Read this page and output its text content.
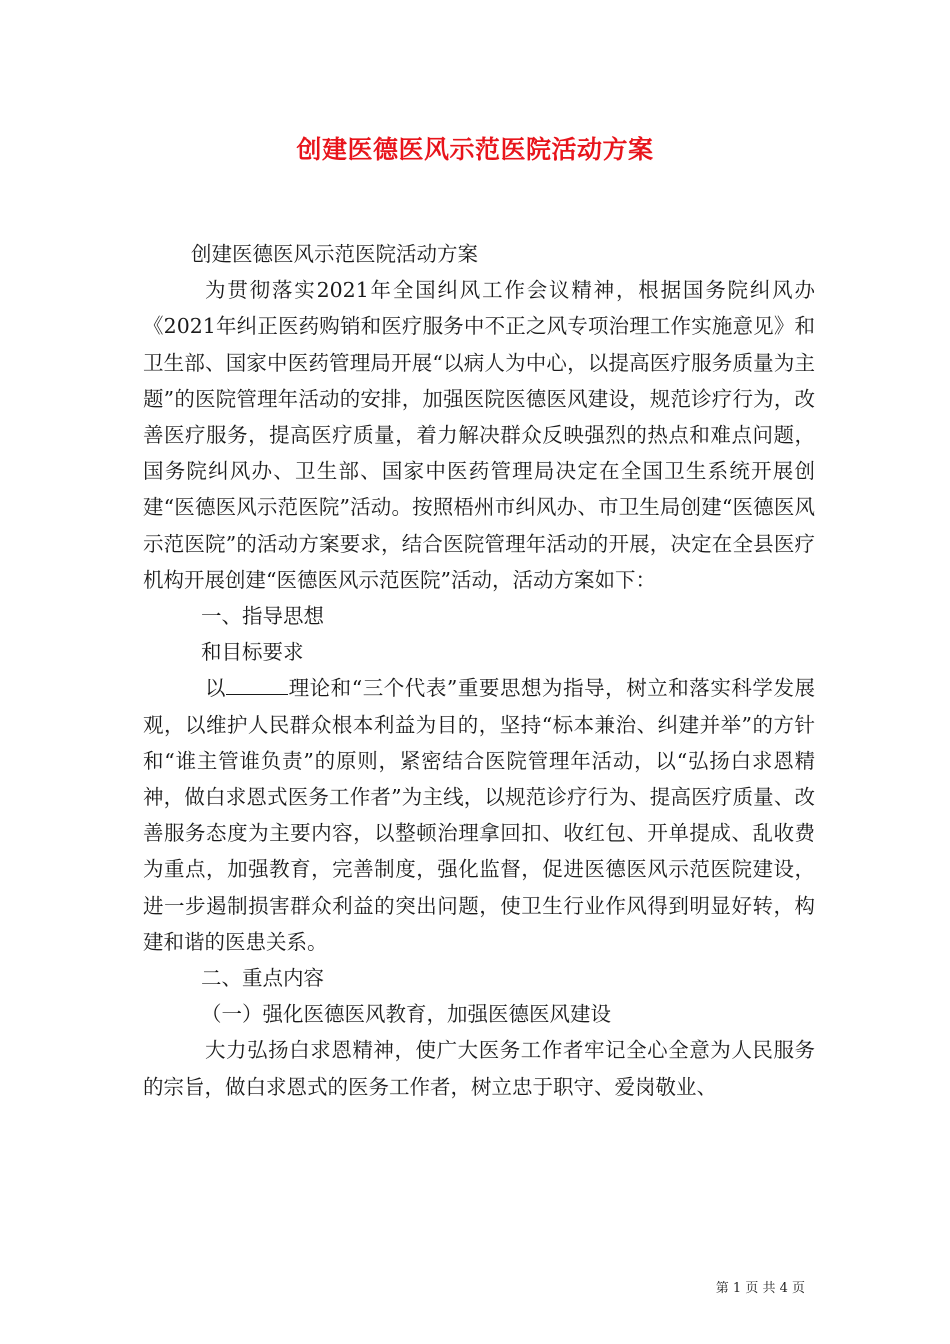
创建医德医风示范医院活动方案

创建医德医风示范医院活动方案

为贯彻落实2021年全国纠风工作会议精神，根据国务院纠风办《2021年纠正医药购销和医疗服务中不正之风专项治理工作实施意见》和卫生部、国家中医药管理局开展“以病人为中心，以提高医疗服务质量为主题”的医院管理年活动的安排，加强医院医德医风建设，规范诊疗行为，改善医疗服务，提高医疗质量，着力解决群众反映强烈的热点和难点问题，国务院纠风办、卫生部、国家中医药管理局决定在全国卫生系统开展创建“医德医风示范医院”活动。按照梧州市纠风办、市卫生局创建“医德医风示范医院”的活动方案要求，结合医院管理年活动的开展，决定在全县医疗机构开展创建“医德医风示范医院”活动，活动方案如下：

一、指导思想

和目标要求

以	理论和“三个代表”重要思想为指导，树立和落实科学发展观，以维护人民群众根本利益为目的，坚持“标本兼治、纠建并举”的方针和“谁主管谁负责”的原则，紧密结合医院管理年活动，以“弘扬白求恩精神，做白求恩式医务工作者”为主线，以规范诊疗行为、提高医疗质量、改善服务态度为主要内容，以整顿治理拿回扣、收红包、开单提成、乱收费为重点，加强教育，完善制度，强化监督，促进医德医风示范医院建设，进一步遏制损害群众利益的突出问题，使卫生行业作风得到明显好转，构建和谐的医患关系。

二、重点内容

（一）强化医德医风教育，加强医德医风建设

大力弘扬白求恩精神，使广大医务工作者牢记全心全意为人民服务的宗旨，做白求恩式的医务工作者，树立忠于职守、爱岗敬业、

第 1 页 共 4 页
